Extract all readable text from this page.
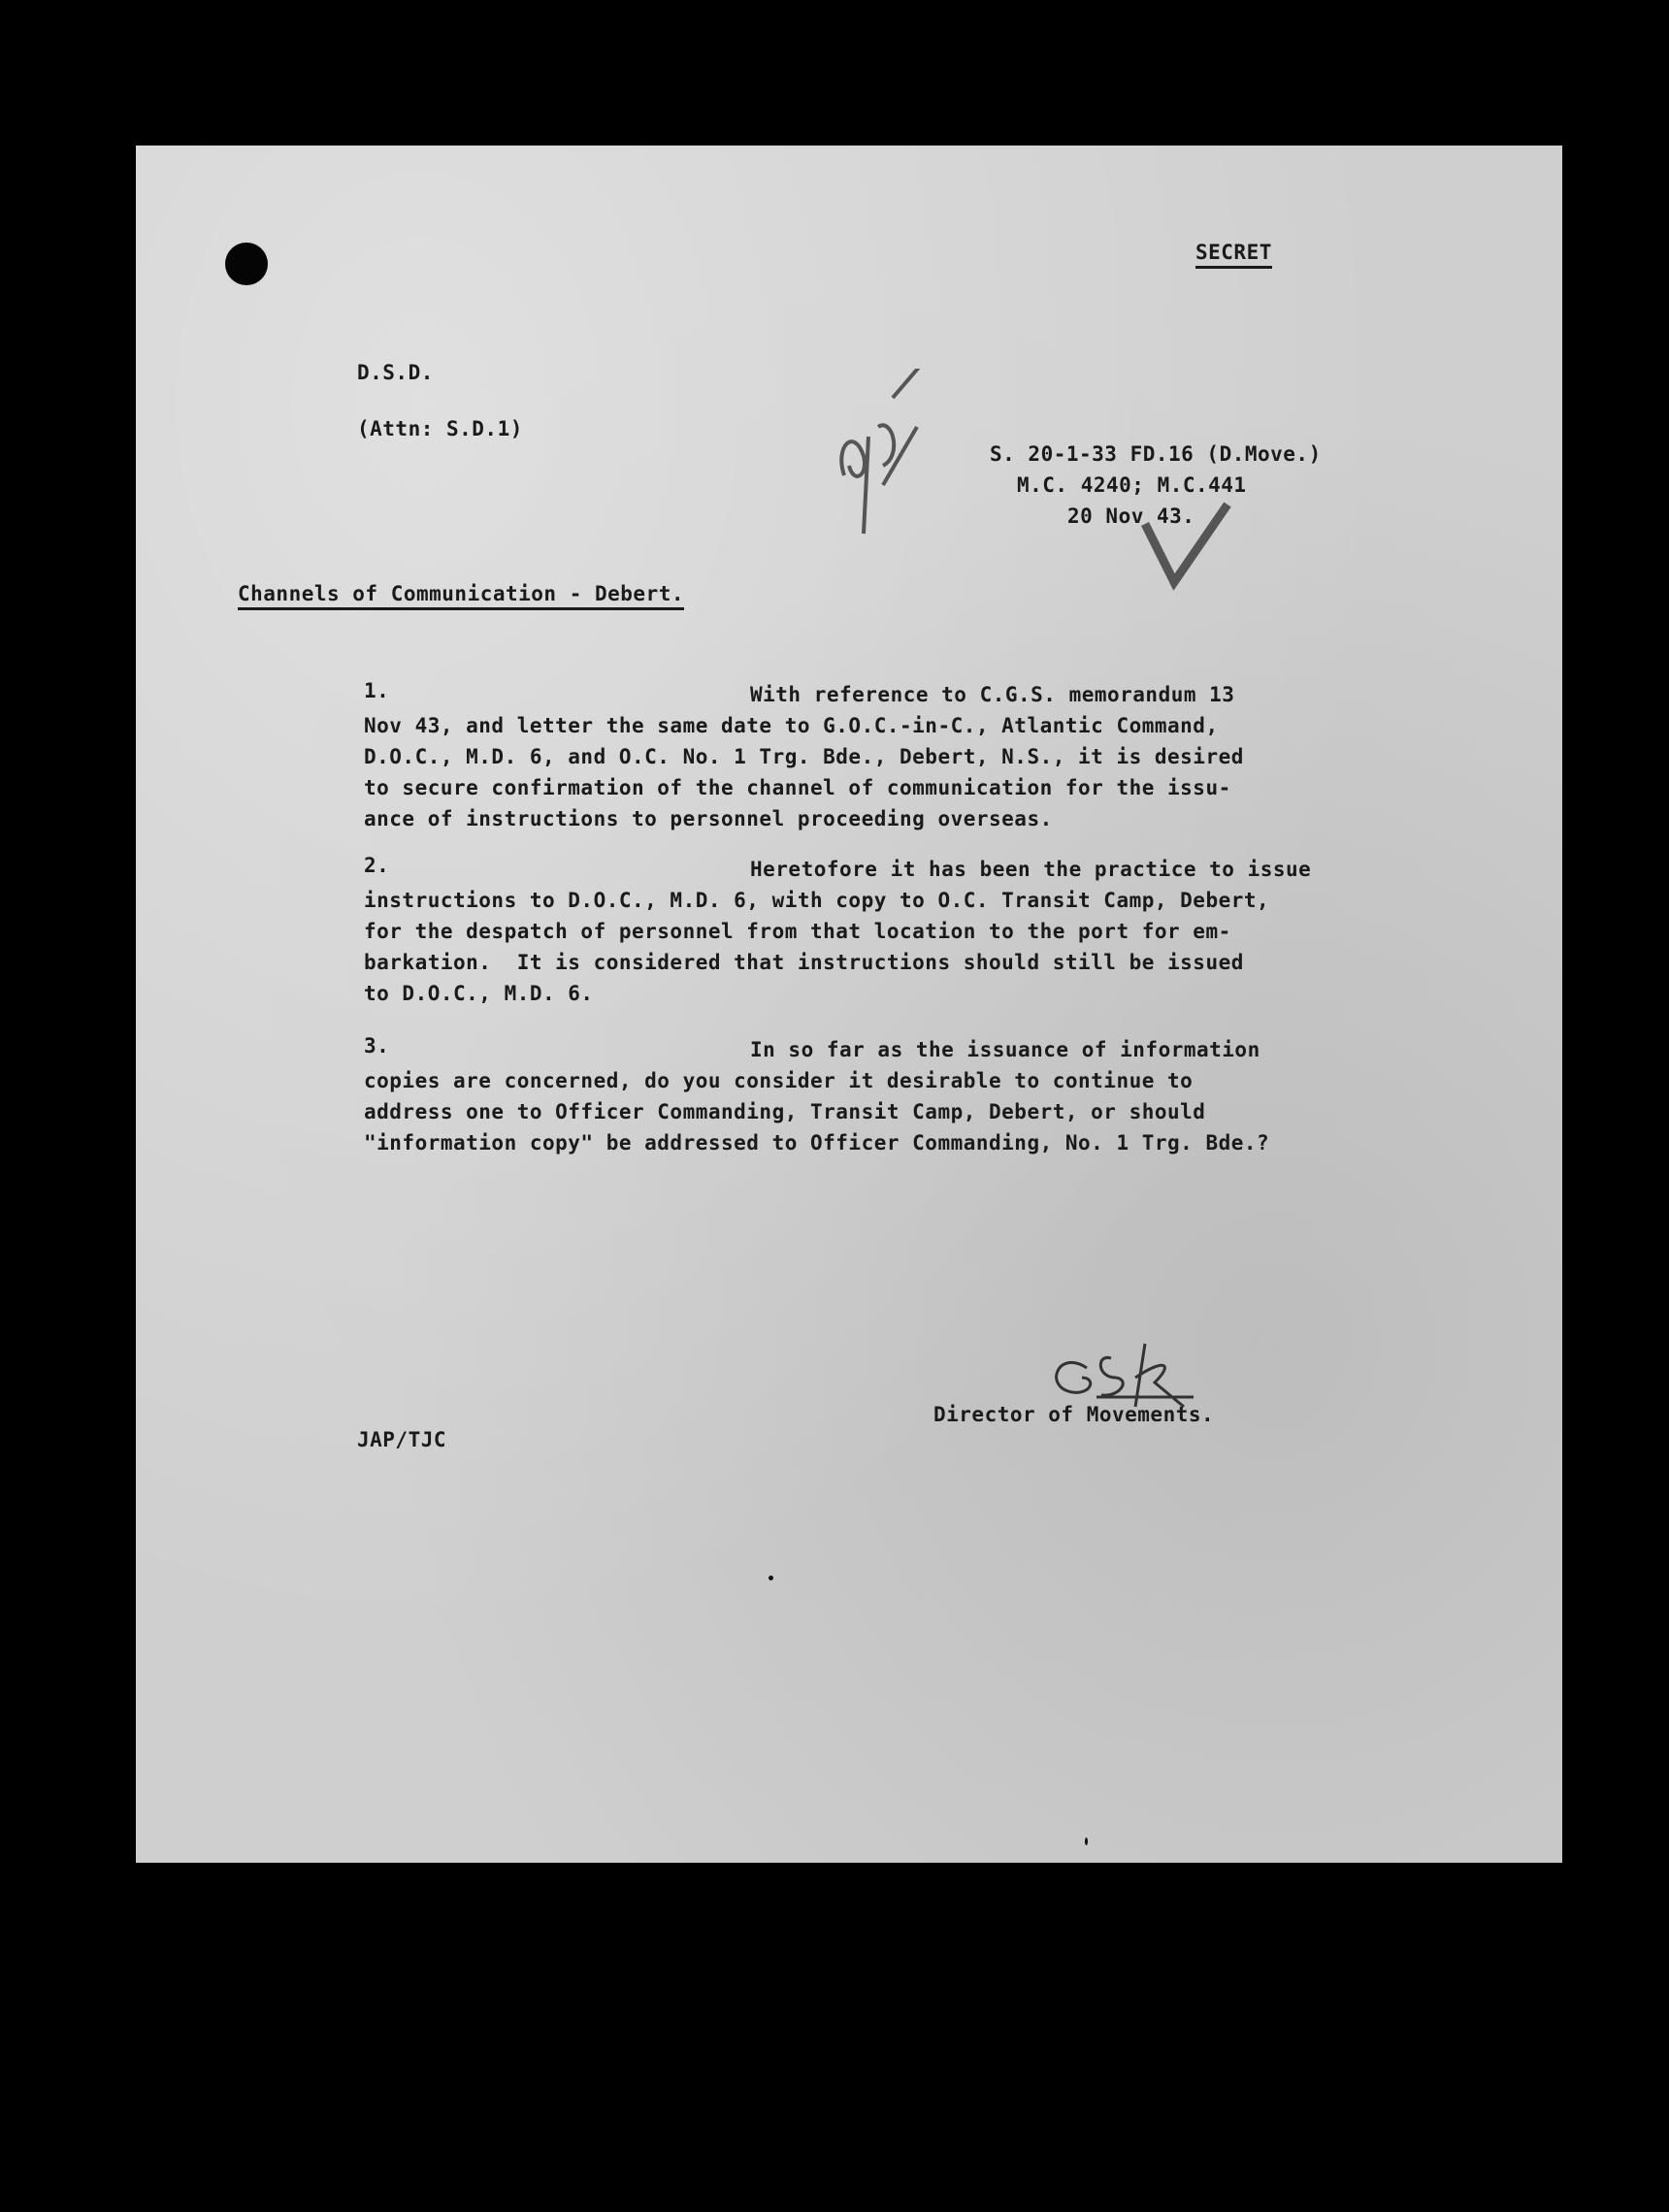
SECRET
D.S.D.
(Attn: S.D.1)
S. 20-1-33 FD.16 (D.Move.)
M.C. 4240; M.C.441
20 Nov 43.
Channels of Communication - Debert.
1.	With reference to C.G.S. memorandum 13
Nov 43, and letter the same date to G.O.C.-in-C., Atlantic Command,
D.O.C., M.D. 6, and O.C. No. 1 Trg. Bde., Debert, N.S., it is desired
to secure confirmation of the channel of communication for the issu-
ance of instructions to personnel proceeding overseas.
2.	Heretofore it has been the practice to issue
instructions to D.O.C., M.D. 6, with copy to O.C. Transit Camp, Debert,
for the despatch of personnel from that location to the port for em-
barkation.  It is considered that instructions should still be issued
to D.O.C., M.D. 6.
3.	In so far as the issuance of information
copies are concerned, do you consider it desirable to continue to
address one to Officer Commanding, Transit Camp, Debert, or should
"information copy" be addressed to Officer Commanding, No. 1 Trg. Bde.?
Director of Movements.
JAP/TJC
